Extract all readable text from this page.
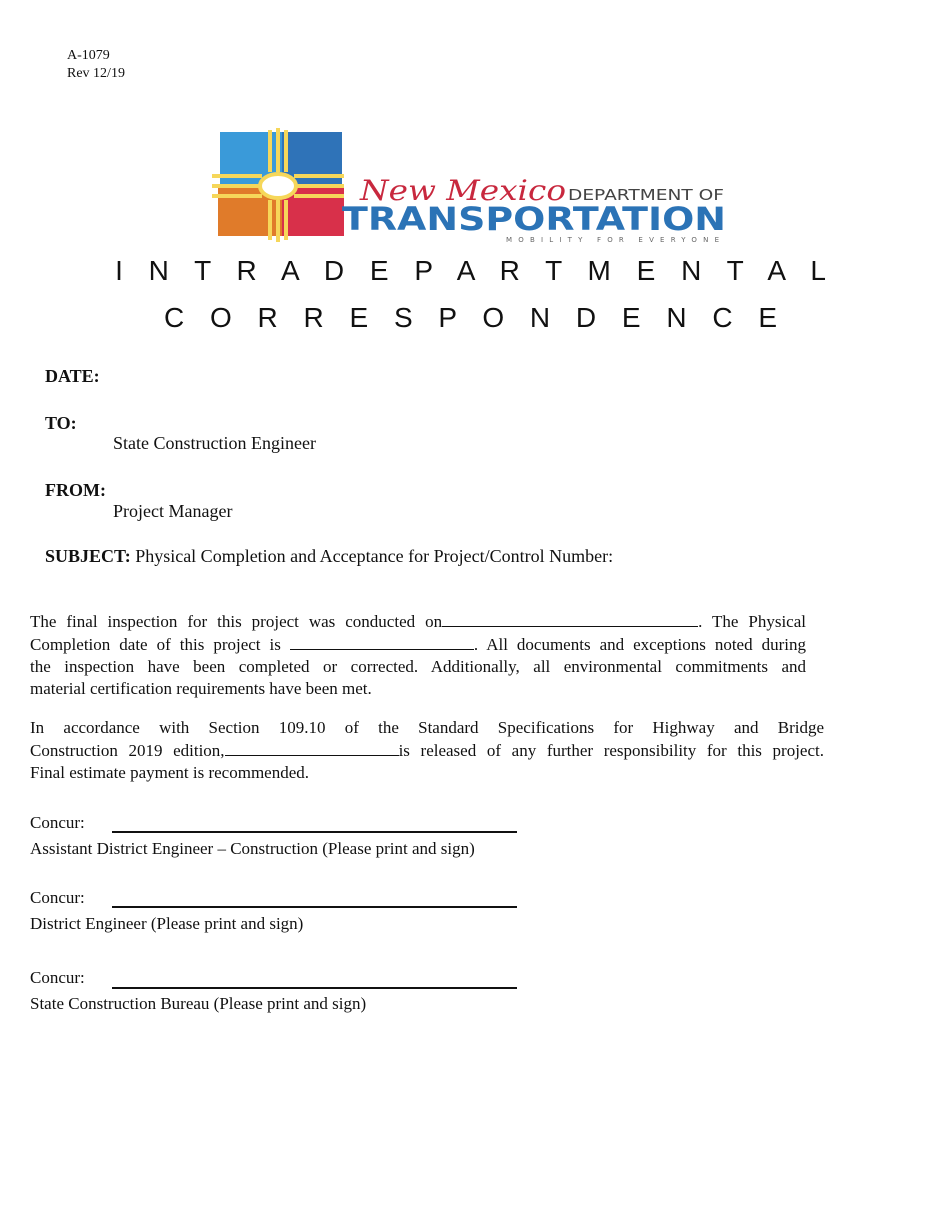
A-1079
Rev 12/19
New Mexico DEPARTMENT OF
TRANSPORTATION
MOBILITY FOR EVERYONE
I N T R A D E P A R T M E N T A L
C O R R E S P O N D E N C E
DATE:
TO:
State Construction Engineer
FROM:
Project Manager
SUBJECT: Physical Completion and Acceptance for Project/Control Number:
The final inspection for this project was conducted on	. The Physical
Completion date of this project is	. All documents and exceptions noted during
the inspection have been completed or corrected. Additionally, all environmental commitments and
material certification requirements have been met.
In accordance with Section 109.10 of the Standard Specifications for Highway and Bridge
Construction 2019 edition,	is released of any further responsibility for this project.
Final estimate payment is recommended.
Concur:
Assistant District Engineer – Construction (Please print and sign)
Concur:
District Engineer (Please print and sign)
Concur:
State Construction Bureau (Please print and sign)
